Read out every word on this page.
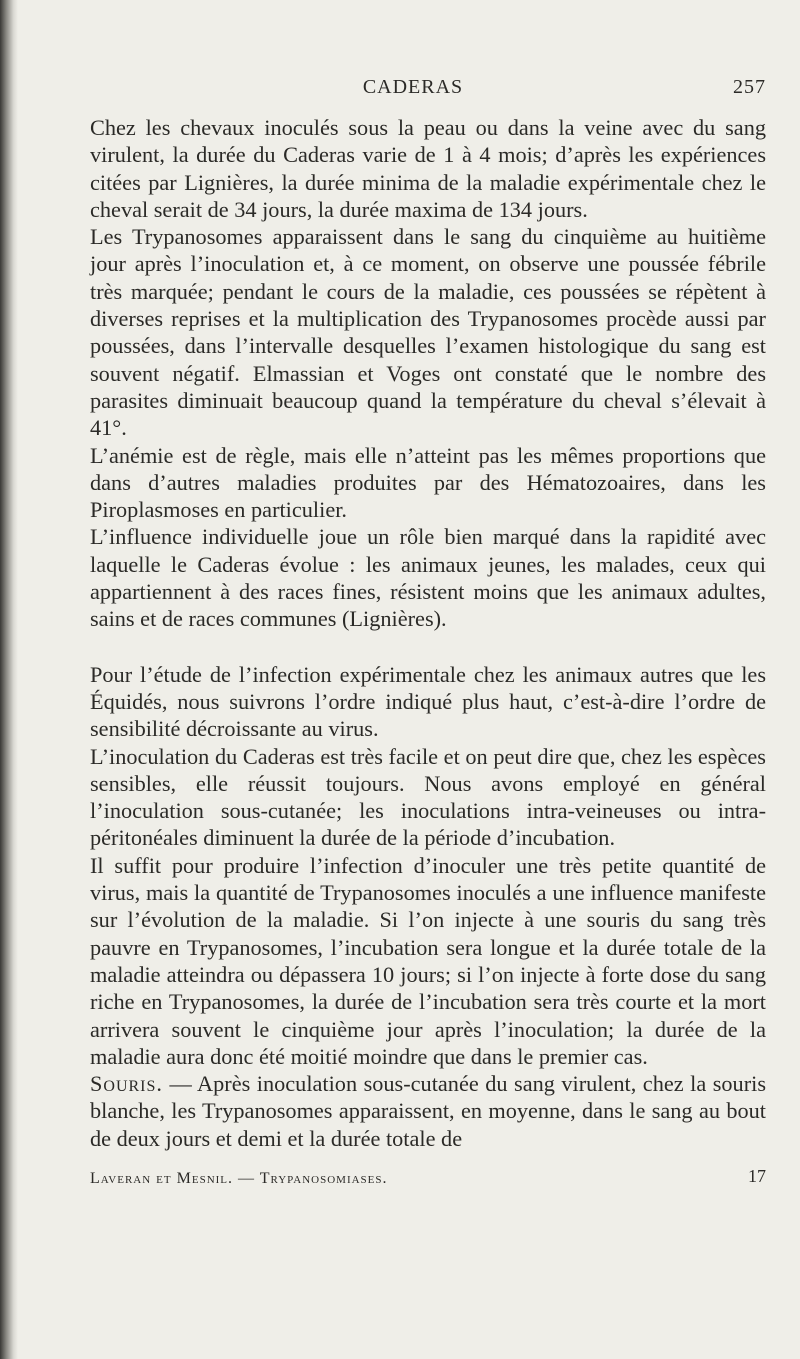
CADERAS	257

Chez les chevaux inoculés sous la peau ou dans la veine avec du sang virulent, la durée du Caderas varie de 1 à 4 mois; d’après les expériences citées par Lignières, la durée minima de la maladie expérimentale chez le cheval serait de 34 jours, la durée maxima de 134 jours.

Les Trypanosomes apparaissent dans le sang du cinquième au huitième jour après l’inoculation et, à ce moment, on observe une poussée fébrile très marquée; pendant le cours de la maladie, ces poussées se répètent à diverses reprises et la multiplication des Trypanosomes procède aussi par poussées, dans l’intervalle desquelles l’examen histologique du sang est souvent négatif. Elmassian et Voges ont constaté que le nombre des parasites diminuait beaucoup quand la température du cheval s’élevait à 41°.

L’anémie est de règle, mais elle n’atteint pas les mêmes proportions que dans d’autres maladies produites par des Hématozoaires, dans les Piroplasmoses en particulier.

L’influence individuelle joue un rôle bien marqué dans la rapidité avec laquelle le Caderas évolue : les animaux jeunes, les malades, ceux qui appartiennent à des races fines, résistent moins que les animaux adultes, sains et de races communes (Lignières).

Pour l’étude de l’infection expérimentale chez les animaux autres que les Équidés, nous suivrons l’ordre indiqué plus haut, c’est-à-dire l’ordre de sensibilité décroissante au virus.

L’inoculation du Caderas est très facile et on peut dire que, chez les espèces sensibles, elle réussit toujours. Nous avons employé en général l’inoculation sous-cutanée; les inoculations intra-veineuses ou intra-péritonéales diminuent la durée de la période d’incubation.

Il suffit pour produire l’infection d’inoculer une très petite quantité de virus, mais la quantité de Trypanosomes inoculés a une influence manifeste sur l’évolution de la maladie. Si l’on injecte à une souris du sang très pauvre en Trypanosomes, l’incubation sera longue et la durée totale de la maladie atteindra ou dépassera 10 jours; si l’on injecte à forte dose du sang riche en Trypanosomes, la durée de l’incubation sera très courte et la mort arrivera souvent le cinquième jour après l’inoculation; la durée de la maladie aura donc été moitié moindre que dans le premier cas.

Souris. — Après inoculation sous-cutanée du sang virulent, chez la souris blanche, les Trypanosomes apparaissent, en moyenne, dans le sang au bout de deux jours et demi et la durée totale de

Laveran et Mesnil. — Trypanosomiases.	17
